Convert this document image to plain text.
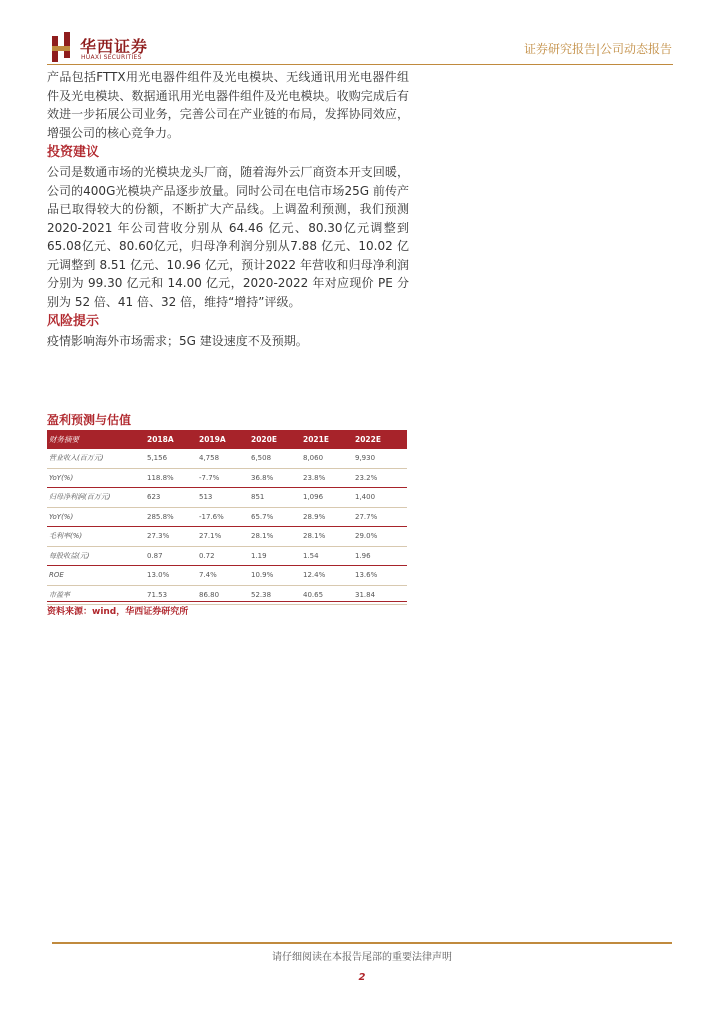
华西证券
HUAXI SECURITIES
证券研究报告|公司动态报告

产品包括FTTX用光电器件组件及光电模块、无线通讯用光电器件组件及光电模块、数据通讯用光电器件组件及光电模块。收购完成后有效进一步拓展公司业务，完善公司在产业链的布局，发挥协同效应，增强公司的核心竞争力。

投资建议

公司是数通市场的光模块龙头厂商，随着海外云厂商资本开支回暖，公司的400G光模块产品逐步放量。同时公司在电信市场25G 前传产品已取得较大的份额，不断扩大产品线。上调盈利预测，我们预测 2020-2021 年公司营收分别从 64.46 亿元、80.30亿元调整到65.08亿元、80.60亿元，归母净利润分别从7.88 亿元、10.02 亿元调整到 8.51 亿元、10.96 亿元，预计2022 年营收和归母净利润分别为 99.30 亿元和 14.00 亿元，2020-2022 年对应现价 PE 分别为 52 倍、41 倍、32 倍，维持“增持”评级。

风险提示

疫情影响海外市场需求；5G 建设速度不及预期。

盈利预测与估值
财务摘要	2018A	2019A	2020E	2021E	2022E
营业收入(百万元)	5,156	4,758	6,508	8,060	9,930
YoY(%)	118.8%	-7.7%	36.8%	23.8%	23.2%
归母净利润(百万元)	623	513	851	1,096	1,400
YoY(%)	285.8%	-17.6%	65.7%	28.9%	27.7%
毛利率(%)	27.3%	27.1%	28.1%	28.1%	29.0%
每股收益(元)	0.87	0.72	1.19	1.54	1.96
ROE	13.0%	7.4%	10.9%	12.4%	13.6%
市盈率	71.53	86.80	52.38	40.65	31.84
资料来源：wind，华西证券研究所
请仔细阅读在本报告尾部的重要法律声明
2
